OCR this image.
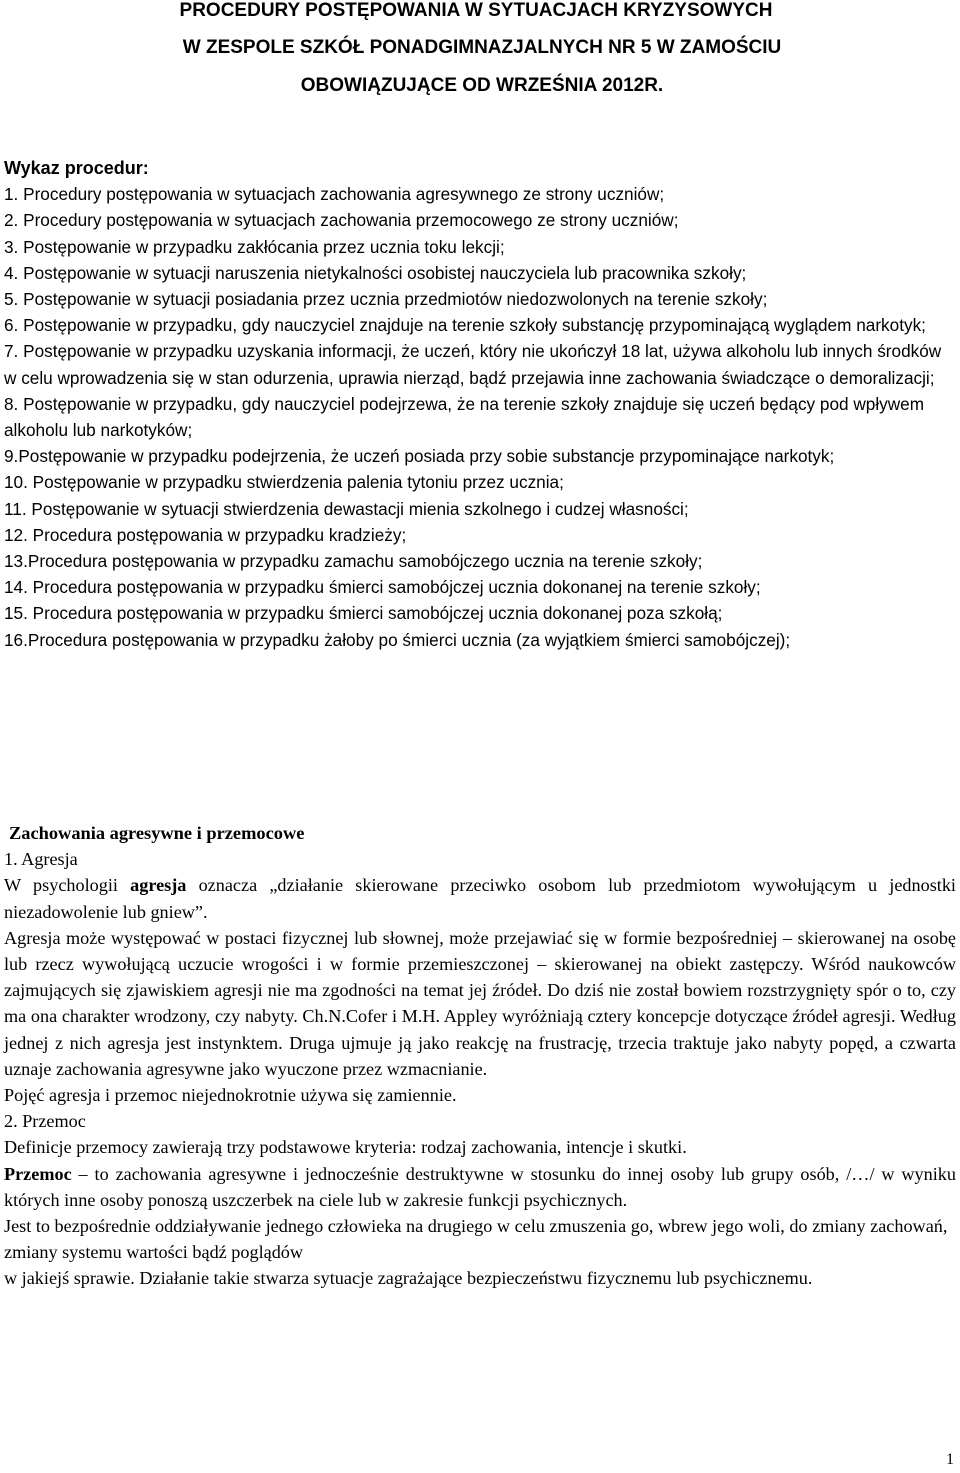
PROCEDURY POSTĘPOWANIA W SYTUACJACH KRYZYSOWYCH
W ZESPOLE SZKÓŁ PONADGIMNAZJALNYCH NR 5 W ZAMOŚCIU
OBOWIĄZUJĄCE OD WRZEŚNIA 2012R.

Wykaz procedur:

1. Procedury postępowania w sytuacjach zachowania agresywnego ze strony uczniów;

2. Procedury postępowania w sytuacjach zachowania przemocowego ze strony uczniów;

3. Postępowanie w przypadku zakłócania przez ucznia toku lekcji;

4. Postępowanie w sytuacji naruszenia nietykalności osobistej nauczyciela lub pracownika szkoły;

5. Postępowanie w sytuacji posiadania przez ucznia przedmiotów niedozwolonych na terenie szkoły;

6. Postępowanie w przypadku, gdy nauczyciel znajduje na terenie szkoły substancję przypominającą wyglądem narkotyk;

7. Postępowanie w przypadku uzyskania informacji, że uczeń, który nie ukończył 18 lat, używa alkoholu lub innych środków w celu wprowadzenia się w stan odurzenia, uprawia nierząd, bądź przejawia inne zachowania świadczące o demoralizacji;

8. Postępowanie w przypadku, gdy nauczyciel podejrzewa, że na terenie szkoły znajduje się uczeń będący pod wpływem alkoholu lub narkotyków;

9.Postępowanie w przypadku podejrzenia, że uczeń posiada przy sobie substancje przypominające narkotyk;

10. Postępowanie w przypadku stwierdzenia palenia tytoniu przez ucznia;

11. Postępowanie w sytuacji stwierdzenia dewastacji mienia szkolnego i cudzej własności;

12. Procedura postępowania w przypadku kradzieży;

13.Procedura postępowania w przypadku zamachu samobójczego ucznia na terenie szkoły;

14. Procedura postępowania w przypadku śmierci samobójczej ucznia dokonanej na terenie szkoły;

15. Procedura postępowania w przypadku śmierci samobójczej ucznia dokonanej poza szkołą;

16.Procedura postępowania w przypadku żałoby po śmierci ucznia (za wyjątkiem śmierci samobójczej);

Zachowania agresywne i przemocowe

1. Agresja

W psychologii agresja oznacza „działanie skierowane przeciwko osobom lub przedmiotom wywołującym u jednostki niezadowolenie lub gniew”.

Agresja może występować w postaci fizycznej lub słownej, może przejawiać się w formie bezpośredniej – skierowanej na osobę lub rzecz wywołującą uczucie wrogości i w formie przemieszczonej – skierowanej na obiekt zastępczy. Wśród naukowców zajmujących się zjawiskiem agresji nie ma zgodności na temat jej źródeł. Do dziś nie został bowiem rozstrzygnięty spór o to, czy ma ona charakter wrodzony, czy nabyty. Ch.N.Cofer i M.H. Appley wyróżniają cztery koncepcje dotyczące źródeł agresji. Według jednej z nich agresja jest instynktem. Druga ujmuje ją jako reakcję na frustrację, trzecia traktuje jako nabyty popęd, a czwarta uznaje zachowania agresywne jako wyuczone przez wzmacnianie.

Pojęć agresja i przemoc niejednokrotnie używa się zamiennie.

2. Przemoc

Definicje przemocy zawierają trzy podstawowe kryteria: rodzaj zachowania, intencje i skutki.

Przemoc – to zachowania agresywne i jednocześnie destruktywne w stosunku do innej osoby lub grupy osób, /…/ w wyniku których inne osoby ponoszą uszczerbek na ciele lub w zakresie funkcji psychicznych.

Jest to bezpośrednie oddziaływanie jednego człowieka na drugiego w celu zmuszenia go, wbrew jego woli, do zmiany zachowań, zmiany systemu wartości bądź poglądów

w jakiejś sprawie. Działanie takie stwarza sytuacje zagrażające bezpieczeństwu fizycznemu lub psychicznemu.

1
